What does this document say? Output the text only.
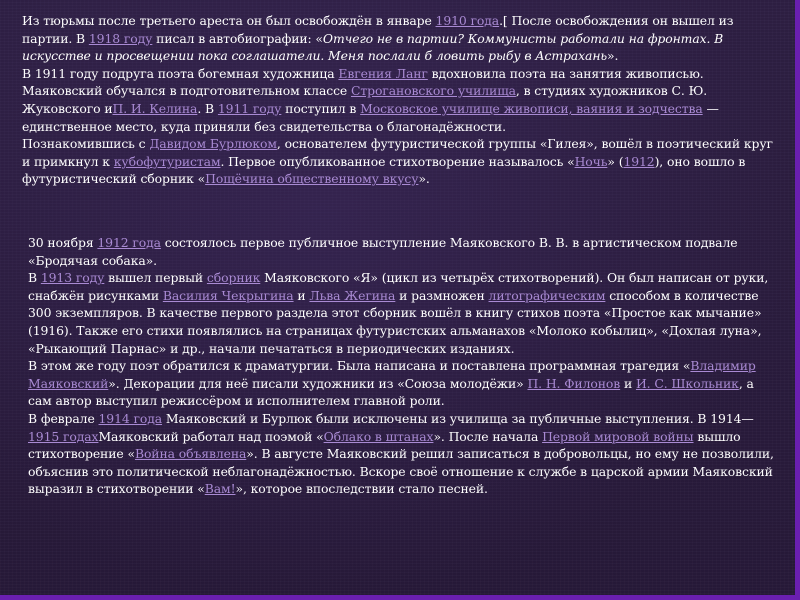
Из тюрьмы после третьего ареста он был освобождён в январе 1910 года.[ После освобождения он вышел из партии. В 1918 году писал в автобиографии: «Отчего не в партии? Коммунисты работали на фронтах. В искусстве и просвещении пока соглашатели. Меня послали б ловить рыбу в Астрахань».

В 1911 году подруга поэта богемная художница Евгения Ланг вдохновила поэта на занятия живописью.

Маяковский обучался в подготовительном классе Строгановского училища, в студиях художников С. Ю. Жуковского иП. И. Келина. В 1911 году поступил в Московское училище живописи, ваяния и зодчества — единственное место, куда приняли без свидетельства о благонадёжности.

Познакомившись с Давидом Бурлюком, основателем футуристической группы «Гилея», вошёл в поэтический круг и примкнул к кубофутуристам. Первое опубликованное стихотворение называлось «Ночь» (1912), оно вошло в футуристический сборник «Пощёчина общественному вкусу».

30 ноября 1912 года состоялось первое публичное выступление Маяковского В. В. в артистическом подвале «Бродячая собака».

В 1913 году вышел первый сборник Маяковского «Я» (цикл из четырёх стихотворений). Он был написан от руки, снабжён рисунками Василия Чекрыгина и Льва Жегина и размножен литографическим способом в количестве 300 экземпляров. В качестве первого раздела этот сборник вошёл в книгу стихов поэта «Простое как мычание» (1916). Также его стихи появлялись на страницах футуристских альманахов «Молоко кобылиц», «Дохлая луна», «Рыкающий Парнас» и др., начали печататься в периодических изданиях.

В этом же году поэт обратился к драматургии. Была написана и поставлена программная трагедия «Владимир Маяковский». Декорации для неё писали художники из «Союза молодёжи» П. Н. Филонов и И. С. Школьник, а сам автор выступил режиссёром и исполнителем главной роли.

В феврале 1914 года Маяковский и Бурлюк были исключены из училища за публичные выступления. В 1914—1915 годахМаяковский работал над поэмой «Облако в штанах». После начала Первой мировой войны вышло стихотворение «Война объявлена». В августе Маяковский решил записаться в добровольцы, но ему не позволили, объяснив это политической неблагонадёжностью. Вскоре своё отношение к службе в царской армии Маяковский выразил в стихотворении «Вам!», которое впоследствии стало песней.
